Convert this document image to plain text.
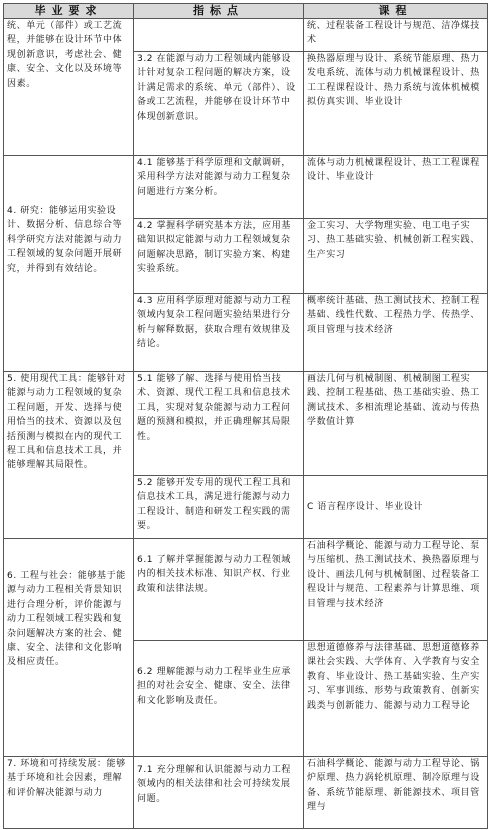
毕业要求	指标点	课程
统、单元（部件）或工艺流程，并能够在设计环节中体现创新意识，考虑社会、健康、安全、文化以及环境等因素。		统、过程装备工程设计与规范、洁净煤技术
	3.2 在能源与动力工程领域内能够设计针对复杂工程问题的解决方案，设计满足需求的系统、单元（部件）、设备或工艺流程，并能够在设计环节中体现创新意识。	换热器原理与设计、系统节能原理、热力发电系统、流体与动力机械课程设计、热工工程课程设计、热力系统与流体机械模拟仿真实训、毕业设计
4. 研究：能够运用实验设计、数据分析、信息综合等科学研究方法对能源与动力工程领域的复杂问题开展研究，并得到有效结论。	4.1 能够基于科学原理和文献调研，采用科学方法对能源与动力工程复杂问题进行方案分析。	流体与动力机械课程设计、热工工程课程设计、毕业设计
	4.2 掌握科学研究基本方法，应用基础知识拟定能源与动力工程领域复杂问题解决思路，制订实验方案、构建实验系统。	金工实习、大学物理实验、电工电子实习、热工基础实验、机械创新工程实践、生产实习
	4.3 应用科学原理对能源与动力工程领域内复杂工程问题实验结果进行分析与解释数据，获取合理有效规律及结论。	概率统计基础、热工测试技术、控制工程基础、线性代数、工程热力学、传热学、项目管理与技术经济
5. 使用现代工具：能够针对能源与动力工程领域的复杂工程问题，开发、选择与使用恰当的技术、资源以及包括预测与模拟在内的现代工程工具和信息技术工具，并能够理解其局限性。	5.1 能够了解、选择与使用恰当技术、资源、现代工程工具和信息技术工具，实现对复杂能源与动力工程问题的预测和模拟，并正确理解其局限性。	画法几何与机械制图、机械制图工程实践、控制工程基础、热工基础实验、热工测试技术、多相流理论基础、流动与传热学数值计算
	5.2 能够开发专用的现代工程工具和信息技术工具，满足进行能源与动力工程设计、制造和研发工程实践的需要。	C 语言程序设计、毕业设计
6. 工程与社会：能够基于能源与动力工程相关背景知识进行合理分析，评价能源与动力工程领域工程实践和复杂问题解决方案的社会、健康、安全、法律和文化影响及相应责任。	6.1 了解并掌握能源与动力工程领域内的相关技术标准、知识产权、行业政策和法律法规。	石油科学概论、能源与动力工程导论、泵与压缩机、热工测试技术、换热器原理与设计、画法几何与机械制图、过程装备工程设计与规范、工程素养与计算思维、项目管理与技术经济
	6.2 理解能源与动力工程毕业生应承担的对社会安全、健康、安全、法律和文化影响及责任。	思想道德修养与法律基础、思想道德修养课社会实践、大学体育、入学教育与安全教育、毕业设计、热工基础实验、生产实习、军事训练、形势与政策教育、创新实践类与创新能力、能源与动力工程导论
7. 环境和可持续发展：能够基于环境和社会因素，理解和评价解决能源与动力	7.1 充分理解和认识能源与动力工程领域内的相关法律和社会可持续发展问题。	石油科学概论、能源与动力工程导论、锅炉原理、热力涡轮机原理、制冷原理与设备、系统节能原理、新能源技术、项目管理与
